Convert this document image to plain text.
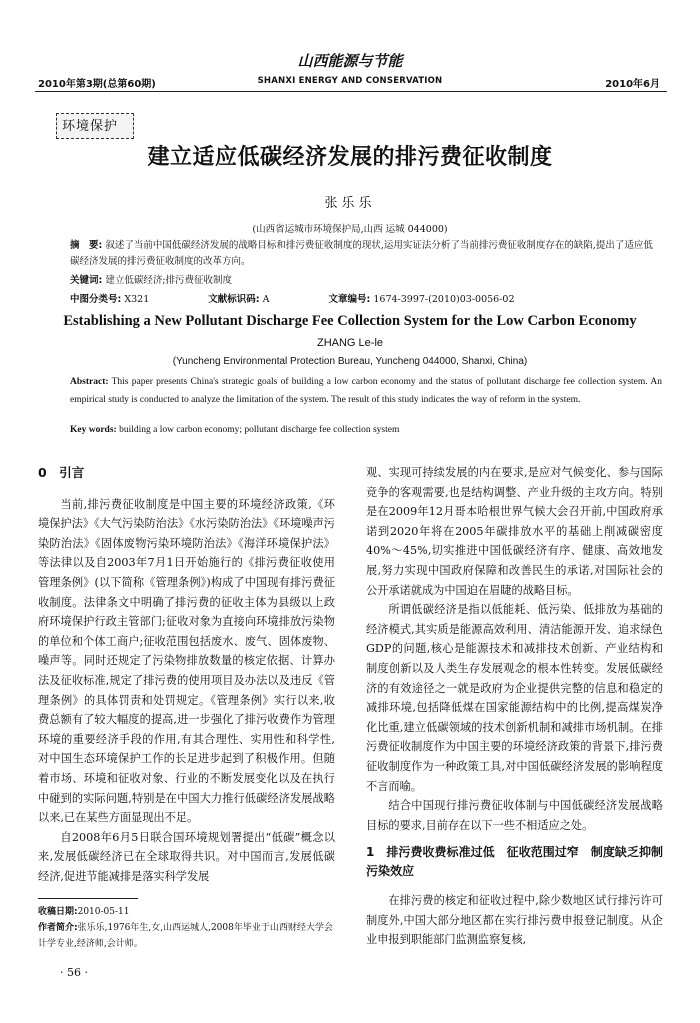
2010年第3期(总第60期)
山西能源与节能
SHANXI ENERGY AND CONSERVATION	2010年6月
环境保护
建立适应低碳经济发展的排污费征收制度
张乐乐
(山西省运城市环境保护局,山西 运城 044000)
摘　要: 叙述了当前中国低碳经济发展的战略目标和排污费征收制度的现状,运用实证法分析了当前排污费征收制度存在的缺陷,提出了适应低碳经济发展的排污费征收制度的改革方向。
关键词: 建立低碳经济;排污费征收制度
中图分类号: X321	文献标识码: A	文章编号: 1674-3997-(2010)03-0056-02
Establishing a New Pollutant Discharge Fee Collection System for the Low Carbon Economy
ZHANG Le-le
(Yuncheng Environmental Protection Bureau, Yuncheng 044000, Shanxi, China)
Abstract: This paper presents China's strategic goals of building a low carbon economy and the status of pollutant discharge fee collection system. An empirical study is conducted to analyze the limitation of the system. The result of this study indicates the way of reform in the system.
Key words: building a low carbon economy; pollutant discharge fee collection system
0　引言

当前,排污费征收制度是中国主要的环境经济政策,《环境保护法》《大气污染防治法》《水污染防治法》《环境噪声污染防治法》《固体废物污染环境防治法》《海洋环境保护法》等法律以及自2003年7月1日开始施行的《排污费征收使用管理条例》(以下简称《管理条例》)构成了中国现有排污费征收制度。法律条文中明确了排污费的征收主体为县级以上政府环境保护行政主管部门;征收对象为直接向环境排放污染物的单位和个体工商户;征收范围包括废水、废气、固体废物、噪声等。同时还规定了污染物排放数量的核定依据、计算办法及征收标准,规定了排污费的使用项目及办法以及违反《管理条例》的具体罚责和处罚规定。《管理条例》实行以来,收费总额有了较大幅度的提高,进一步强化了排污收费作为管理环境的重要经济手段的作用,有其合理性、实用性和科学性,对中国生态环境保护工作的长足进步起到了积极作用。但随着市场、环境和征收对象、行业的不断发展变化以及在执行中碰到的实际问题,特别是在中国大力推行低碳经济发展战略以来,已在某些方面显现出不足。

自2008年6月5日联合国环境规划署提出“低碳”概念以来,发展低碳经济已在全球取得共识。对中国而言,发展低碳经济,促进节能减排是落实科学发展

观、实现可持续发展的内在要求,是应对气候变化、参与国际竞争的客观需要,也是结构调整、产业升级的主攻方向。特别是在2009年12月哥本哈根世界气候大会召开前,中国政府承诺到2020年将在2005年碳排放水平的基础上削减碳密度40%～45%,切实推进中国低碳经济有序、健康、高效地发展,努力实现中国政府保障和改善民生的承诺,对国际社会的公开承诺就成为中国迫在眉睫的战略目标。

所谓低碳经济是指以低能耗、低污染、低排放为基础的经济模式,其实质是能源高效利用、清洁能源开发、追求绿色GDP的问题,核心是能源技术和减排技术创新、产业结构和制度创新以及人类生存发展观念的根本性转变。发展低碳经济的有效途径之一就是政府为企业提供完整的信息和稳定的减排环境,包括降低煤在国家能源结构中的比例,提高煤炭净化比重,建立低碳领域的技术创新机制和减排市场机制。在排污费征收制度作为中国主要的环境经济政策的背景下,排污费征收制度作为一种政策工具,对中国低碳经济发展的影响程度不言而喻。

结合中国现行排污费征收体制与中国低碳经济发展战略目标的要求,目前存在以下一些不相适应之处。

1　排污费收费标准过低　征收范围过窄　制度缺乏抑制污染效应

在排污费的核定和征收过程中,除少数地区试行排污许可制度外,中国大部分地区都在实行排污费申报登记制度。从企业申报到职能部门监测监察复核,

收稿日期:2010-05-11
作者简介:张乐乐,1976年生,女,山西运城人,2008年毕业于山西财经大学会计学专业,经济师,会计师。
· 56 ·
